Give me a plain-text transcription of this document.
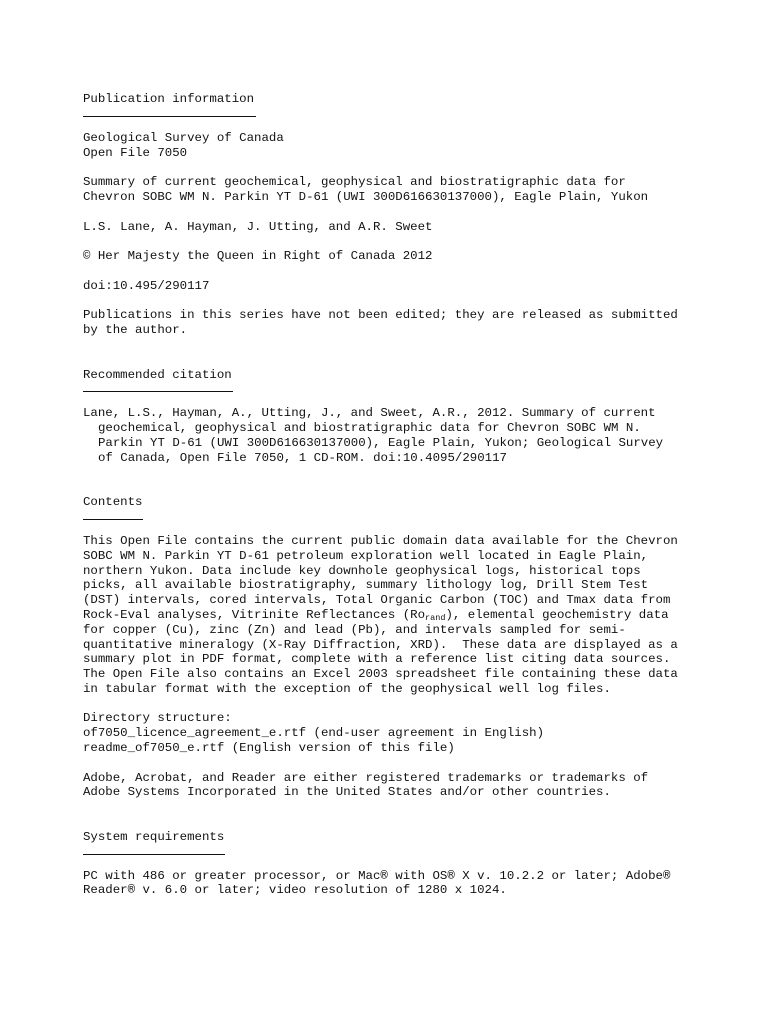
Publication information
Geological Survey of Canada
Open File 7050
Summary of current geochemical, geophysical and biostratigraphic data for
Chevron SOBC WM N. Parkin YT D-61 (UWI 300D616630137000), Eagle Plain, Yukon
L.S. Lane, A. Hayman, J. Utting, and A.R. Sweet
© Her Majesty the Queen in Right of Canada 2012
doi:10.495/290117
Publications in this series have not been edited; they are released as submitted
by the author.
Recommended citation
Lane, L.S., Hayman, A., Utting, J., and Sweet, A.R., 2012. Summary of current
geochemical, geophysical and biostratigraphic data for Chevron SOBC WM N.
Parkin YT D-61 (UWI 300D616630137000), Eagle Plain, Yukon; Geological Survey
of Canada, Open File 7050, 1 CD-ROM. doi:10.4095/290117
Contents
This Open File contains the current public domain data available for the Chevron
SOBC WM N. Parkin YT D-61 petroleum exploration well located in Eagle Plain,
northern Yukon. Data include key downhole geophysical logs, historical tops
picks, all available biostratigraphy, summary lithology log, Drill Stem Test
(DST) intervals, cored intervals, Total Organic Carbon (TOC) and Tmax data from
Rock-Eval analyses, Vitrinite Reflectances $(Ro_{rand})$, elemental geochemistry data
for copper (Cu), zinc (Zn) and lead (Pb), and intervals sampled for semi-
quantitative mineralogy (X-Ray Diffraction, XRD).  These data are displayed as a
summary plot in PDF format, complete with a reference list citing data sources.
The Open File also contains an Excel 2003 spreadsheet file containing these data
in tabular format with the exception of the geophysical well log files.
Directory structure:
of7050_licence_agreement_e.rtf (end-user agreement in English)
readme_of7050_e.rtf (English version of this file)
Adobe, Acrobat, and Reader are either registered trademarks or trademarks of
Adobe Systems Incorporated in the United States and/or other countries.
System requirements
PC with 486 or greater processor, or Mac® with OS® X v. 10.2.2 or later; Adobe®
Reader® v. 6.0 or later; video resolution of 1280 x 1024.
